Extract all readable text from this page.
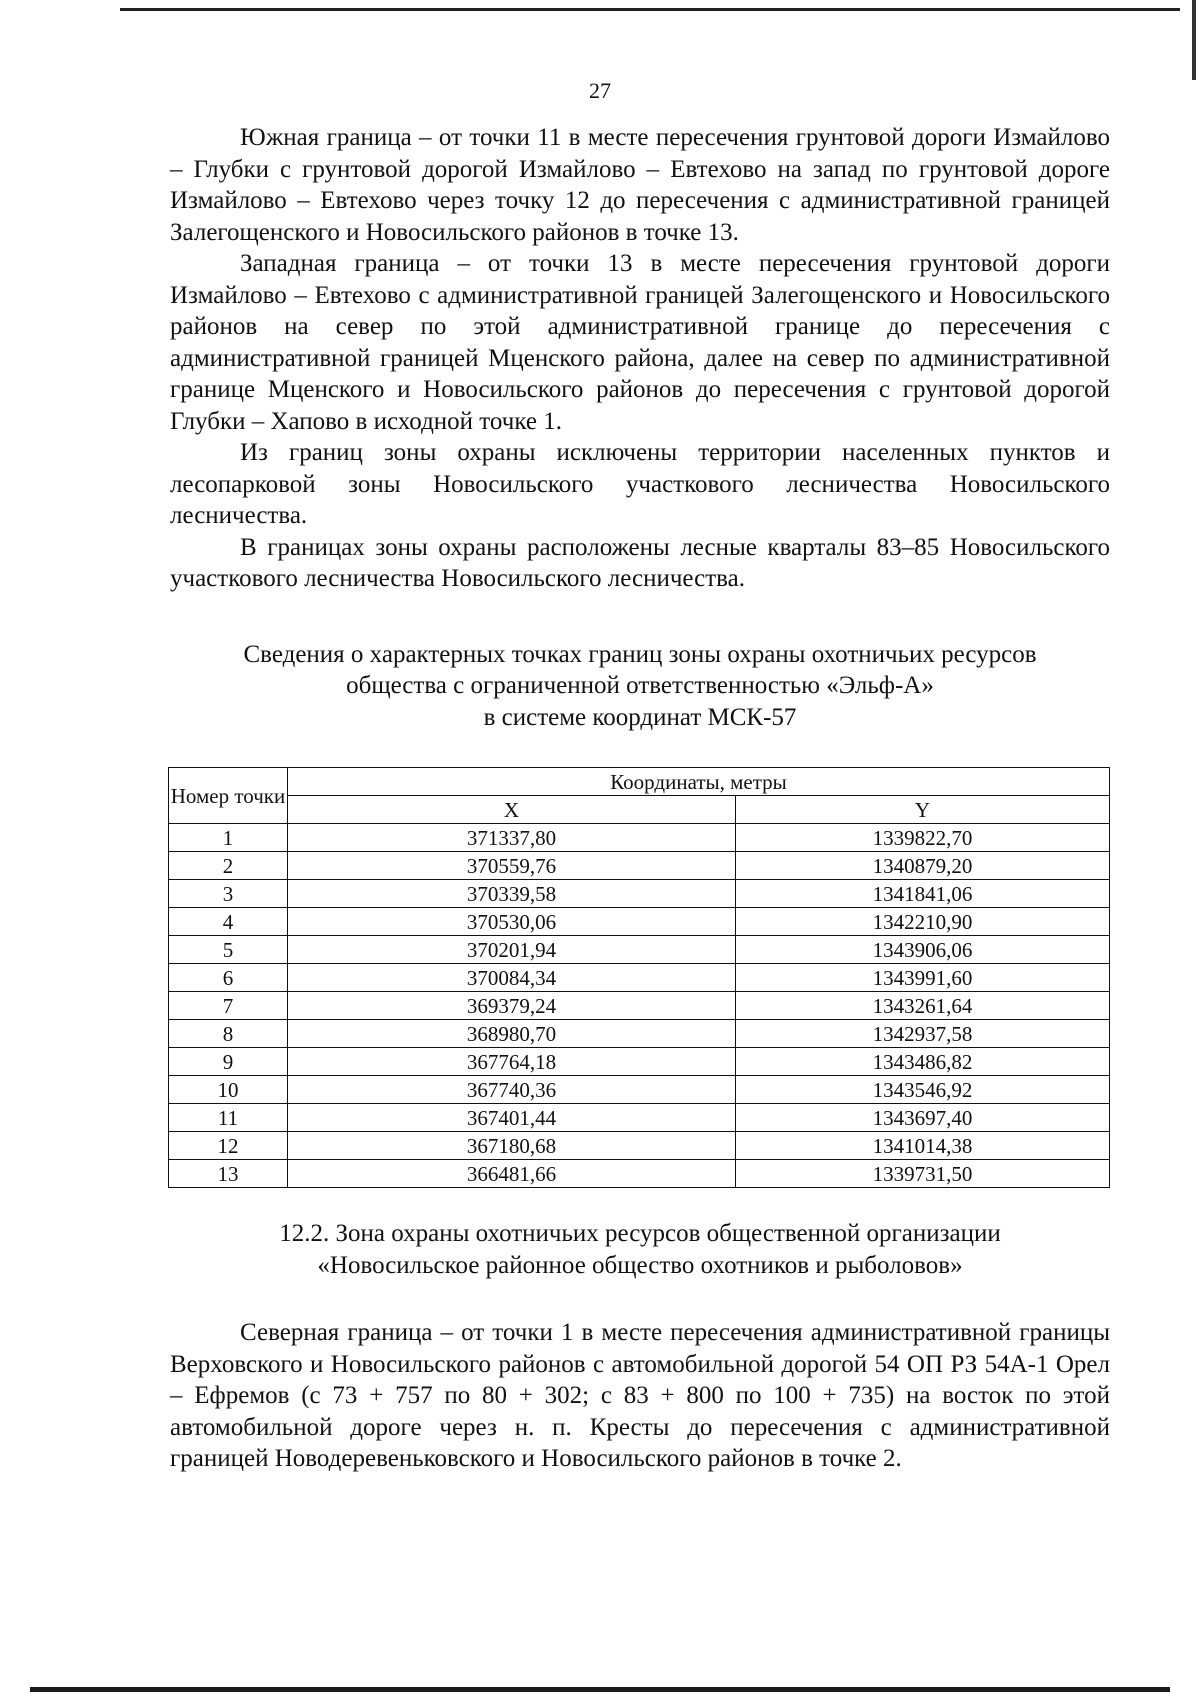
27

Южная граница – от точки 11 в месте пересечения грунтовой дороги Измайлово – Глубки с грунтовой дорогой Измайлово – Евтехово на запад по грунтовой дороге Измайлово – Евтехово через точку 12 до пересечения с административной границей Залегощенского и Новосильского районов в точке 13.

Западная граница – от точки 13 в месте пересечения грунтовой дороги Измайлово – Евтехово с административной границей Залегощенского и Новосильского районов на север по этой административной границе до пересечения с административной границей Мценского района, далее на север по административной границе Мценского и Новосильского районов до пересечения с грунтовой дорогой Глубки – Хапово в исходной точке 1.

Из границ зоны охраны исключены территории населенных пунктов и лесопарковой зоны Новосильского участкового лесничества Новосильского лесничества.

В границах зоны охраны расположены лесные кварталы 83–85 Новосильского участкового лесничества Новосильского лесничества.

Сведения о характерных точках границ зоны охраны охотничьих ресурсов

общества с ограниченной ответственностью «Эльф-А»

в системе координат МСК-57

Номер точки	Координаты, метры	
	X	Y
1	371337,80	1339822,70
2	370559,76	1340879,20
3	370339,58	1341841,06
4	370530,06	1342210,90
5	370201,94	1343906,06
6	370084,34	1343991,60
7	369379,24	1343261,64
8	368980,70	1342937,58
9	367764,18	1343486,82
10	367740,36	1343546,92
11	367401,44	1343697,40
12	367180,68	1341014,38
13	366481,66	1339731,50

12.2. Зона охраны охотничьих ресурсов общественной организации

«Новосильское районное общество охотников и рыболовов»

Северная граница – от точки 1 в месте пересечения административной границы Верховского и Новосильского районов с автомобильной дорогой 54 ОП РЗ 54А-1 Орел – Ефремов (с 73 + 757 по 80 + 302; с 83 + 800 по 100 + 735) на восток по этой автомобильной дороге через н. п. Кресты до пересечения с административной границей Новодеревеньковского и Новосильского районов в точке 2.
